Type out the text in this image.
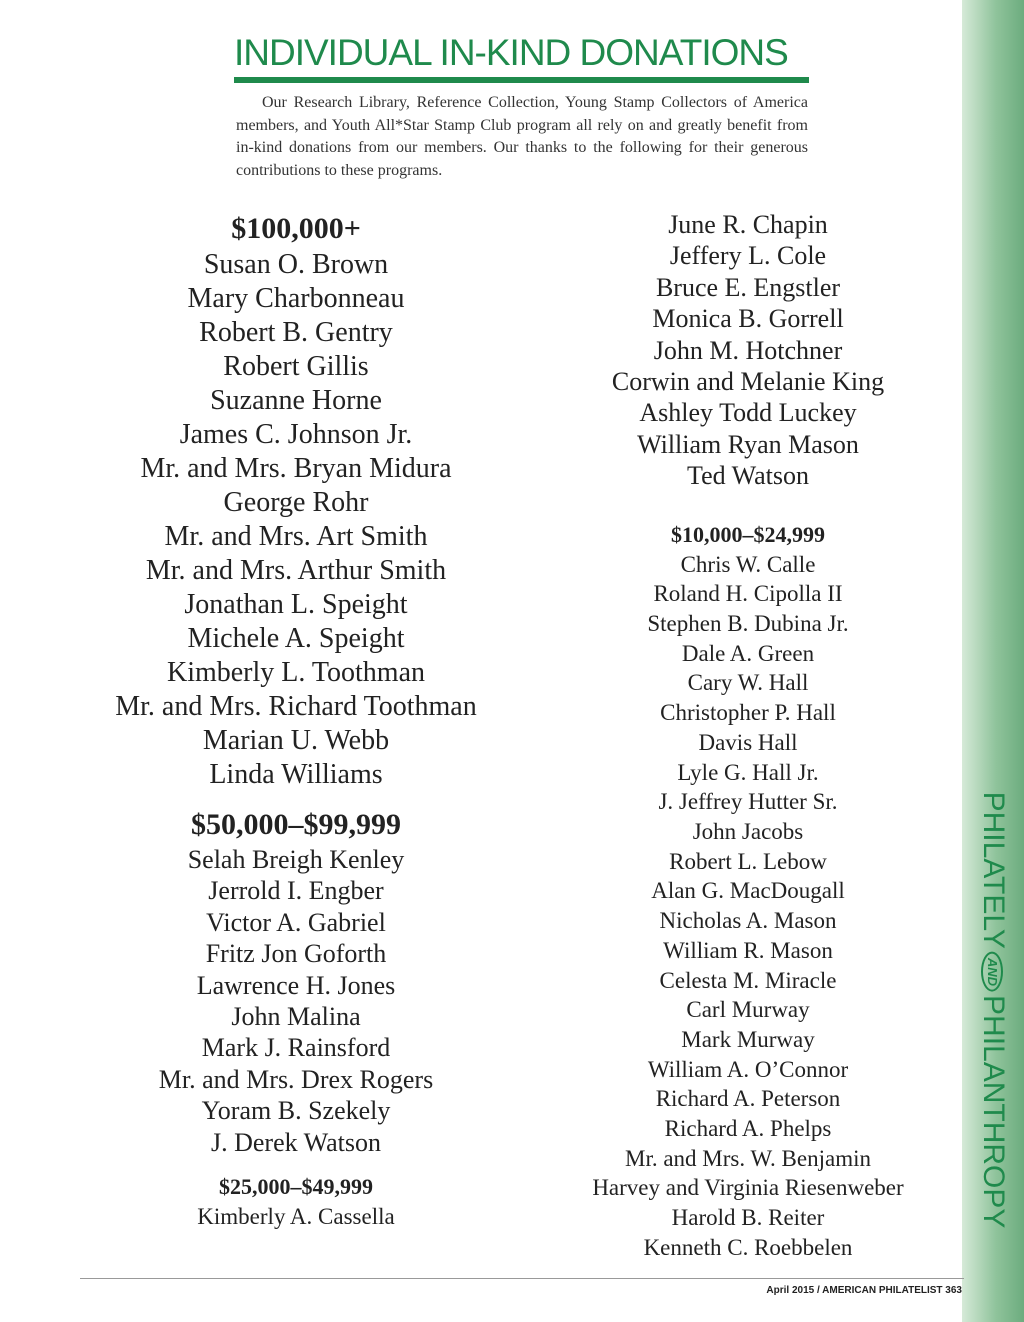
INDIVIDUAL IN-KIND DONATIONS

Our Research Library, Reference Collection, Young Stamp Collectors of America members, and Youth All*Star Stamp Club program all rely on and greatly benefit from in-kind donations from our members. Our thanks to the following for their generous contributions to these programs.

$100,000+

Susan O. Brown

Mary Charbonneau

Robert B. Gentry

Robert Gillis

Suzanne Horne

James C. Johnson Jr.

Mr. and Mrs. Bryan Midura

George Rohr

Mr. and Mrs. Art Smith

Mr. and Mrs. Arthur Smith

Jonathan L. Speight

Michele A. Speight

Kimberly L. Toothman

Mr. and Mrs. Richard Toothman

Marian U. Webb

Linda Williams

$50,000–$99,999

Selah Breigh Kenley

Jerrold I. Engber

Victor A. Gabriel

Fritz Jon Goforth

Lawrence H. Jones

John Malina

Mark J. Rainsford

Mr. and Mrs. Drex Rogers

Yoram B. Szekely

J. Derek Watson

$25,000–$49,999

Kimberly A. Cassella

June R. Chapin

Jeffery L. Cole

Bruce E. Engstler

Monica B. Gorrell

John M. Hotchner

Corwin and Melanie King

Ashley Todd Luckey

William Ryan Mason

Ted Watson

$10,000–$24,999

Chris W. Calle

Roland H. Cipolla II

Stephen B. Dubina Jr.

Dale A. Green

Cary W. Hall

Christopher P. Hall

Davis Hall

Lyle G. Hall Jr.

J. Jeffrey Hutter Sr.

John Jacobs

Robert L. Lebow

Alan G. MacDougall

Nicholas A. Mason

William R. Mason

Celesta M. Miracle

Carl Murway

Mark Murway

William A. O’Connor

Richard A. Peterson

Richard A. Phelps

Mr. and Mrs. W. Benjamin

Harvey and Virginia Riesenweber

Harold B. Reiter

Kenneth C. Roebbelen

PHILATELYANDPHILANTHROPY
April 2015 / AMERICAN PHILATELIST 363
